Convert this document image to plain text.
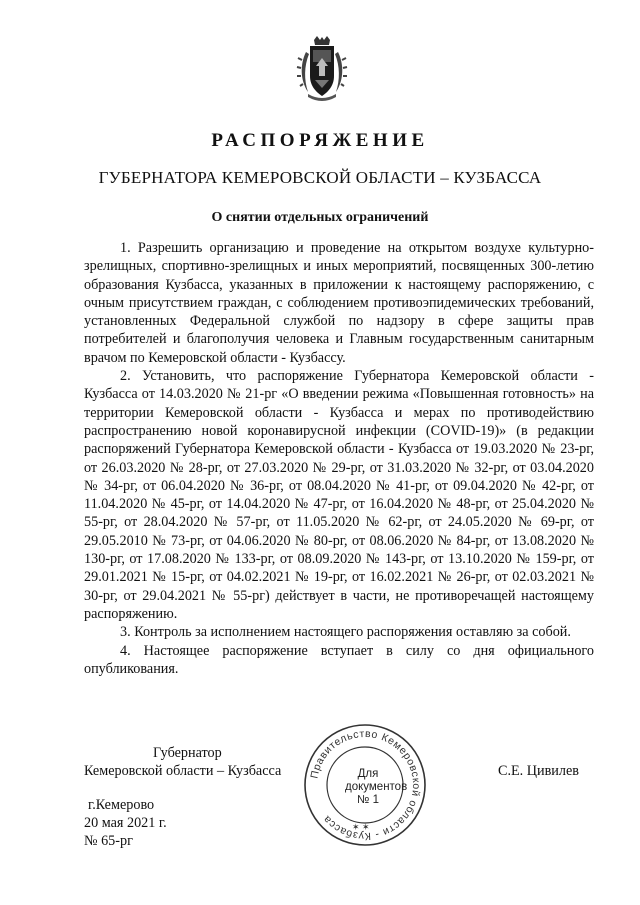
РАСПОРЯЖЕНИЕ
ГУБЕРНАТОРА КЕМЕРОВСКОЙ ОБЛАСТИ – КУЗБАССА
О снятии отдельных ограничений

1. Разрешить организацию и проведение на открытом воздухе культурно-зрелищных, спортивно-зрелищных и иных мероприятий, посвященных 300-летию образования Кузбасса, указанных в приложении к настоящему распоряжению, с очным присутствием граждан, с соблюдением противоэпидемических требований, установленных Федеральной службой по надзору в сфере защиты прав потребителей и благополучия человека и Главным государственным санитарным врачом по Кемеровской области - Кузбассу.

2. Установить, что распоряжение Губернатора Кемеровской области - Кузбасса от 14.03.2020 № 21-рг «О введении режима «Повышенная готовность» на территории Кемеровской области - Кузбасса и мерах по противодействию распространению новой коронавирусной инфекции (COVID-19)» (в редакции распоряжений Губернатора Кемеровской области - Кузбасса от 19.03.2020 № 23-рг, от 26.03.2020 № 28-рг, от 27.03.2020 № 29-рг, от 31.03.2020 № 32-рг, от 03.04.2020 № 34-рг, от 06.04.2020 № 36-рг, от 08.04.2020 № 41-рг, от 09.04.2020 № 42-рг, от 11.04.2020 № 45-рг, от 14.04.2020 № 47-рг, от 16.04.2020 № 48-рг, от 25.04.2020 № 55-рг, от 28.04.2020 № 57-рг, от 11.05.2020 № 62-рг, от 24.05.2020 № 69-рг, от 29.05.2010 № 73-рг, от 04.06.2020 № 80-рг, от 08.06.2020 № 84-рг, от 13.08.2020 № 130-рг, от 17.08.2020 № 133-рг, от 08.09.2020 № 143-рг, от 13.10.2020 № 159-рг, от 29.01.2021 № 15-рг, от 04.02.2021 № 19-рг, от 16.02.2021 № 26-рг, от 02.03.2021 № 30-рг, от 29.04.2021 № 55-рг) действует в части, не противоречащей настоящему распоряжению.

3. Контроль за исполнением настоящего распоряжения оставляю за собой.

4. Настоящее распоряжение вступает в силу со дня официального опубликования.

Губернатор
Кемеровской области – Кузбасса	С.Е. Цивилев
Правительство Кемеровской области - Кузбасса
✶ ✶
Для
документов
№ 1
г.Кемерово
20 мая 2021 г.
№ 65-рг
